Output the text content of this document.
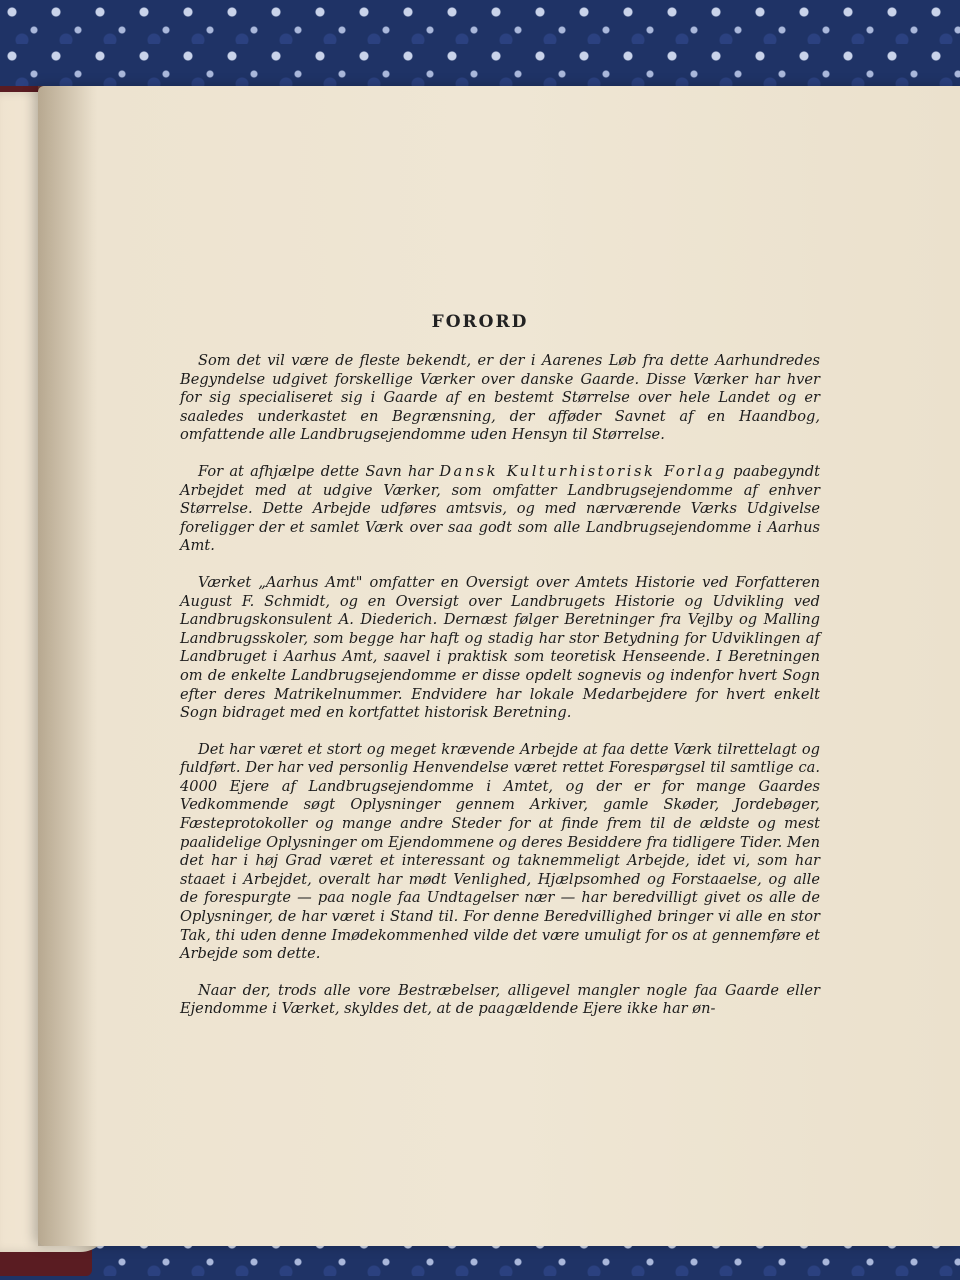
FORORD

Som det vil være de fleste bekendt, er der i Aarenes Løb fra dette Aarhundredes Begyndelse udgivet forskellige Værker over danske Gaarde. Disse Værker har hver for sig specialiseret sig i Gaarde af en bestemt Størrelse over hele Landet og er saaledes underkastet en Begrænsning, der afføder Savnet af en Haandbog, omfattende alle Landbrugsejendomme uden Hensyn til Størrelse.

For at afhjælpe dette Savn har Dansk Kulturhistorisk Forlag paabegyndt Arbejdet med at udgive Værker, som omfatter Landbrugsejendomme af enhver Størrelse. Dette Arbejde udføres amtsvis, og med nærværende Værks Udgivelse foreligger der et samlet Værk over saa godt som alle Landbrugsejendomme i Aarhus Amt.

Værket „Aarhus Amt" omfatter en Oversigt over Amtets Historie ved Forfatteren August F. Schmidt, og en Oversigt over Landbrugets Historie og Udvikling ved Landbrugskonsulent A. Diederich. Dernæst følger Beretninger fra Vejlby og Malling Landbrugsskoler, som begge har haft og stadig har stor Betydning for Udviklingen af Landbruget i Aarhus Amt, saavel i praktisk som teoretisk Henseende. I Beretningen om de enkelte Landbrugsejendomme er disse opdelt sognevis og indenfor hvert Sogn efter deres Matrikelnummer. Endvidere har lokale Medarbejdere for hvert enkelt Sogn bidraget med en kortfattet historisk Beretning.

Det har været et stort og meget krævende Arbejde at faa dette Værk tilrettelagt og fuldført. Der har ved personlig Henvendelse været rettet Forespørgsel til samtlige ca. 4000 Ejere af Landbrugsejendomme i Amtet, og der er for mange Gaardes Vedkommende søgt Oplysninger gennem Arkiver, gamle Skøder, Jordebøger, Fæsteprotokoller og mange andre Steder for at finde frem til de ældste og mest paalidelige Oplysninger om Ejendommene og deres Besiddere fra tidligere Tider. Men det har i høj Grad været et interessant og taknemmeligt Arbejde, idet vi, som har staaet i Arbejdet, overalt har mødt Venlighed, Hjælpsomhed og Forstaaelse, og alle de forespurgte — paa nogle faa Undtagelser nær — har beredvilligt givet os alle de Oplysninger, de har været i Stand til. For denne Beredvillighed bringer vi alle en stor Tak, thi uden denne Imødekommenhed vilde det være umuligt for os at gennemføre et Arbejde som dette.

Naar der, trods alle vore Bestræbelser, alligevel mangler nogle faa Gaarde eller Ejendomme i Værket, skyldes det, at de paagældende Ejere ikke har øn-
